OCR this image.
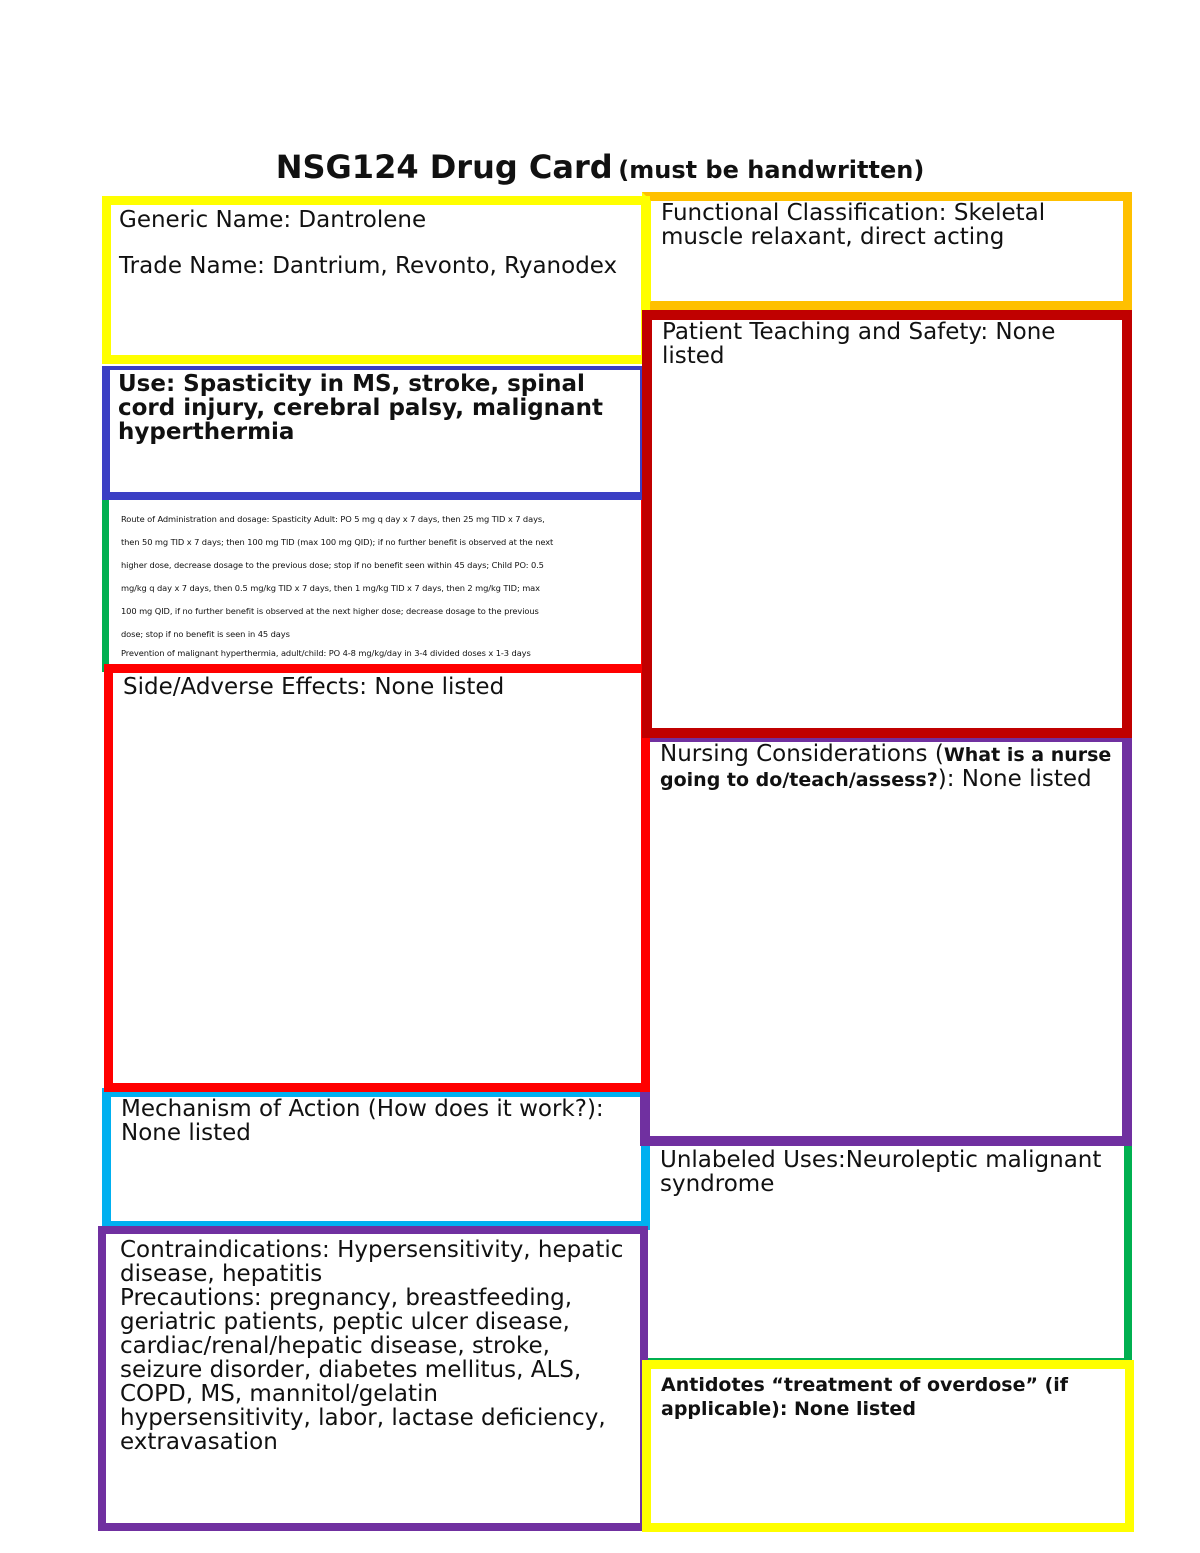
NSG124 Drug Card (must be handwritten)

Generic Name: Dantrolene

Trade Name: Dantrium, Revonto, Ryanodex

Use: Spasticity in MS, stroke, spinal cord injury, cerebral palsy, malignant hyperthermia

Route of Administration and dosage: Spasticity Adult: PO 5 mg q day x 7 days, then 25 mg TID x 7 days,

then 50 mg TID x 7 days; then 100 mg TID (max 100 mg QID); if no further benefit is observed at the next

higher dose, decrease dosage to the previous dose; stop if no benefit seen within 45 days; Child PO: 0.5

mg/kg q day x 7 days, then 0.5 mg/kg TID x 7 days, then 1 mg/kg TID x 7 days, then 2 mg/kg TID; max

100 mg QID, if no further benefit is observed at the next higher dose; decrease dosage to the previous

dose; stop if no benefit is seen in 45 days

Prevention of malignant hyperthermia, adult/child: PO 4-8 mg/kg/day in 3-4 divided doses x 1-3 days

Side/Adverse Effects: None listed

Mechanism of Action (How does it work?): None listed

Contraindications: Hypersensitivity, hepatic disease, hepatitis

Precautions: pregnancy, breastfeeding, geriatric patients, peptic ulcer disease, cardiac/renal/hepatic disease, stroke, seizure disorder, diabetes mellitus, ALS, COPD, MS, mannitol/gelatin hypersensitivity, labor, lactase deficiency, extravasation

Functional Classification: Skeletal muscle relaxant, direct acting

Patient Teaching and Safety: None listed

Nursing Considerations (What is a nurse going to do/teach/assess?): None listed

Unlabeled Uses:Neuroleptic malignant syndrome

Antidotes “treatment of overdose” (if applicable): None listed
